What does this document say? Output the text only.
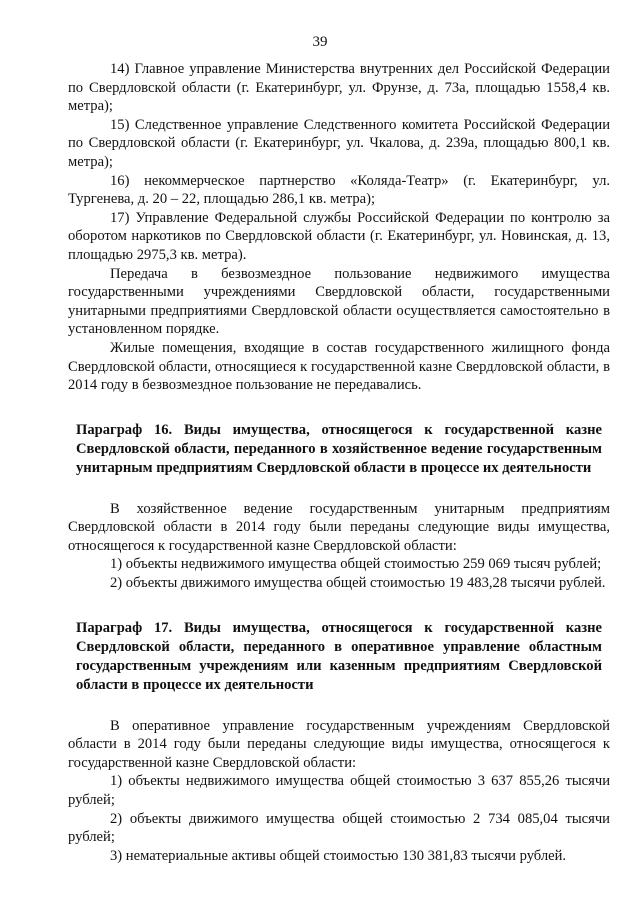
39

14) Главное управление Министерства внутренних дел Российской Федерации по Свердловской области (г. Екатеринбург, ул. Фрунзе, д. 73а, площадью 1558,4 кв. метра);

15) Следственное управление Следственного комитета Российской Федерации по Свердловской области (г. Екатеринбург, ул. Чкалова, д. 239а, площадью 800,1 кв. метра);

16) некоммерческое партнерство «Коляда-Театр» (г. Екатеринбург, ул. Тургенева, д. 20 – 22, площадью 286,1 кв. метра);

17) Управление Федеральной службы Российской Федерации по контролю за оборотом наркотиков по Свердловской области (г. Екатеринбург, ул. Новинская, д. 13, площадью 2975,3 кв. метра).

Передача в безвозмездное пользование недвижимого имущества государственными учреждениями Свердловской области, государственными унитарными предприятиями Свердловской области осуществляется самостоятельно в установленном порядке.

Жилые помещения, входящие в состав государственного жилищного фонда Свердловской области, относящиеся к государственной казне Свердловской области, в 2014 году в безвозмездное пользование не передавались.

Параграф 16. Виды имущества, относящегося к государственной казне Свердловской области, переданного в хозяйственное ведение государственным унитарным предприятиям Свердловской области в процессе их деятельности

В хозяйственное ведение государственным унитарным предприятиям Свердловской области в 2014 году были переданы следующие виды имущества, относящегося к государственной казне Свердловской области:

1) объекты недвижимого имущества общей стоимостью 259 069 тысяч рублей;

2) объекты движимого имущества общей стоимостью 19 483,28 тысячи рублей.

Параграф 17. Виды имущества, относящегося к государственной казне Свердловской области, переданного в оперативное управление областным государственным учреждениям или казенным предприятиям Свердловской области в процессе их деятельности

В оперативное управление государственным учреждениям Свердловской области в 2014 году были переданы следующие виды имущества, относящегося к государственной казне Свердловской области:

1) объекты недвижимого имущества общей стоимостью 3 637 855,26 тысячи рублей;

2) объекты движимого имущества общей стоимостью 2 734 085,04 тысячи рублей;

3) нематериальные активы общей стоимостью 130 381,83 тысячи рублей.
